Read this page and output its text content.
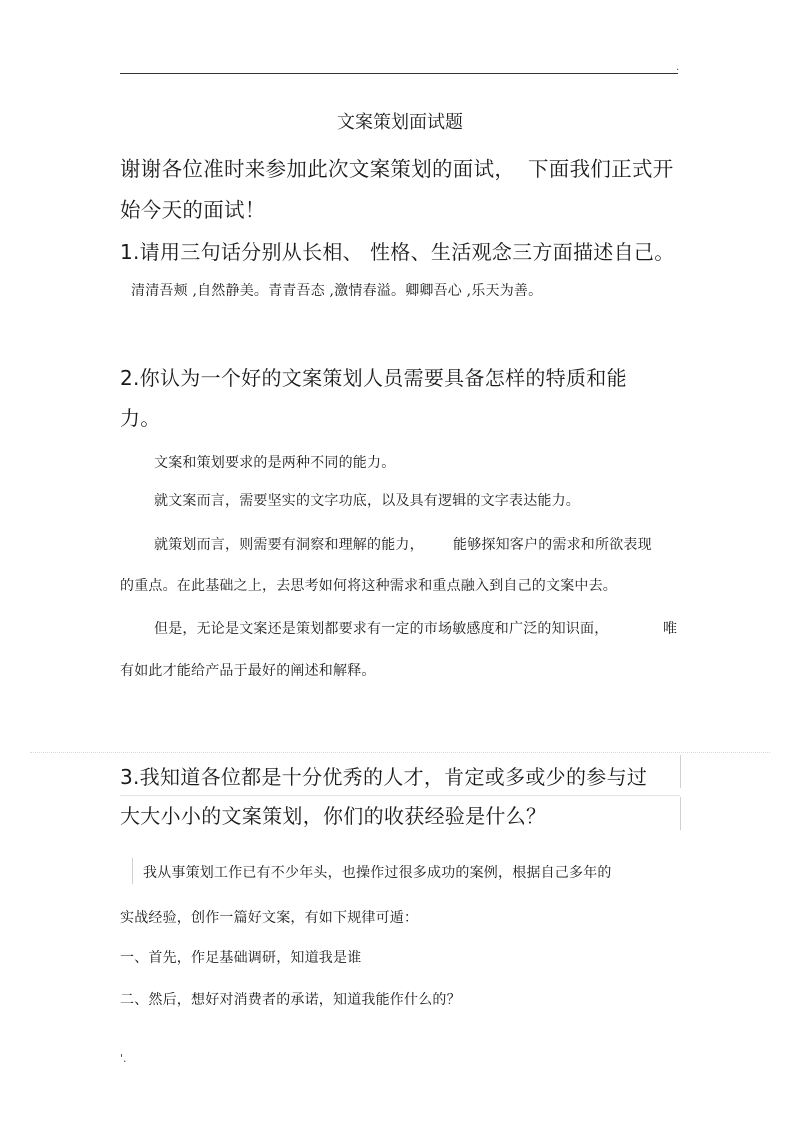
.
文案策划面试题
谢谢各位准时来参加此次文案策划的面试， 下面我们正式开
始今天的面试！
1.请用三句话分别从长相、 性格、生活观念三方面描述自己。
清清吾颊 ,自然静美。青青吾态 ,激情春溢。卿卿吾心 ,乐天为善。
2.你认为一个好的文案策划人员需要具备怎样的特质和能
力。
文案和策划要求的是两种不同的能力。
就文案而言，需要坚实的文字功底，以及具有逻辑的文字表达能力。
就策划而言，则需要有洞察和理解的能力， 能够探知客户的需求和所欲表现
的重点。在此基础之上，去思考如何将这种需求和重点融入到自己的文案中去。
但是，无论是文案还是策划都要求有一定的市场敏感度和广泛的知识面，	唯
有如此才能给产品于最好的阐述和解释。
3.我知道各位都是十分优秀的人才，肯定或多或少的参与过
大大小小的文案策划，你们的收获经验是什么？
我从事策划工作已有不少年头，也操作过很多成功的案例，根据自己多年的
实战经验，创作一篇好文案，有如下规律可遁：
一、首先，作足基础调研，知道我是谁
二、然后，想好对消费者的承诺，知道我能作什么的？
'.
